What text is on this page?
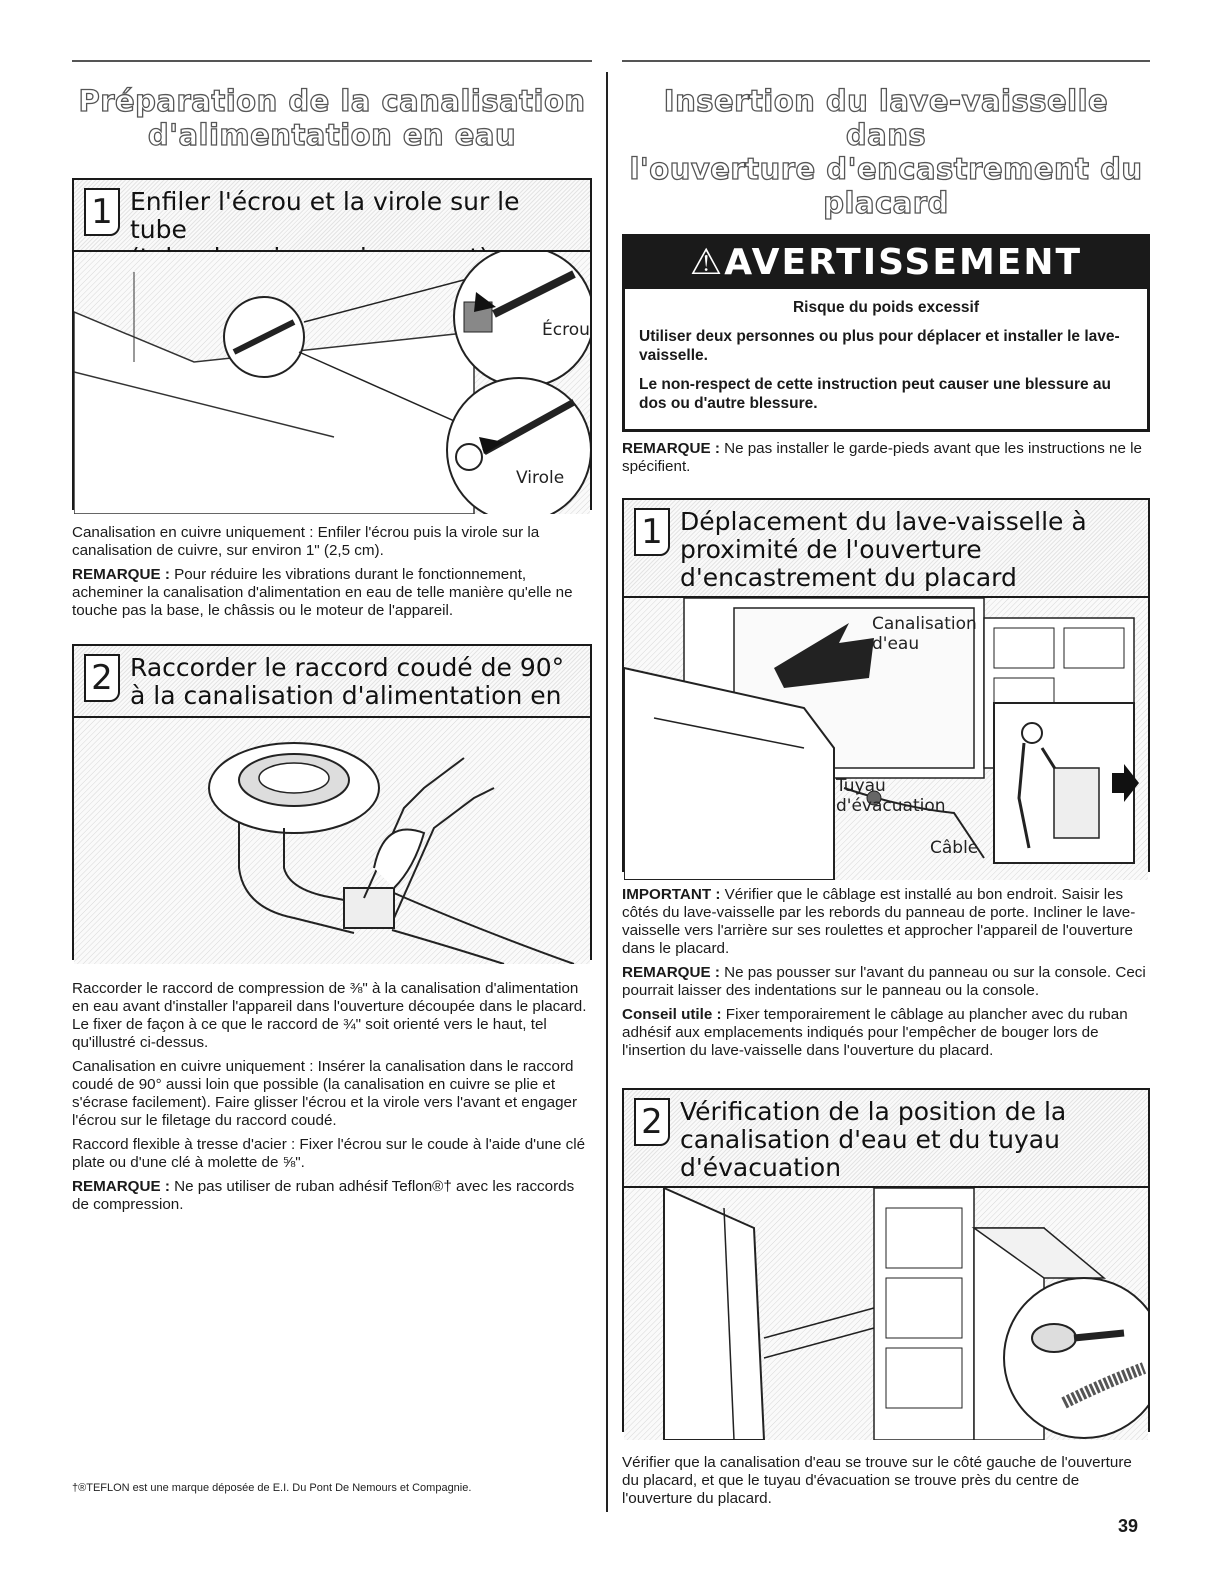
Préparation de la canalisation
d'alimentation en eau
1 Enfiler l'écrou et la virole sur le tube
Écrou
Virole

Canalisation en cuivre uniquement : Enfiler l'écrou puis la virole sur la canalisation de cuivre, sur environ 1" (2,5 cm).

REMARQUE : Pour réduire les vibrations durant le fonctionnement, acheminer la canalisation d'alimentation en eau de telle manière qu'elle ne touche pas la base, le châssis ou le moteur de l'appareil.

2 Raccorder le raccord coudé de 90°
à la canalisation d'alimentation en

Raccorder le raccord de compression de ⅜" à la canalisation d'alimentation en eau avant d'installer l'appareil dans l'ouverture découpée dans le placard. Le fixer de façon à ce que le raccord de ¾" soit orienté vers le haut, tel qu'illustré ci-dessus.

Canalisation en cuivre uniquement : Insérer la canalisation dans le raccord coudé de 90° aussi loin que possible (la canalisation en cuivre se plie et s'écrase facilement). Faire glisser l'écrou et la virole vers l'avant et engager l'écrou sur le filetage du raccord coudé.

Raccord flexible à tresse d'acier : Fixer l'écrou sur le coude à l'aide d'une clé plate ou d'une clé à molette de ⅝".

REMARQUE : Ne pas utiliser de ruban adhésif Teflon®† avec les raccords de compression.

†®TEFLON est une marque déposée de E.I. Du Pont De Nemours et Compagnie.
Insertion du lave-vaisselle dans
l'ouverture d'encastrement du placard
⚠AVERTISSEMENT

Risque du poids excessif

Utiliser deux personnes ou plus pour déplacer et installer le lave-vaisselle.

Le non-respect de cette instruction peut causer une blessure au dos ou d'autre blessure.

REMARQUE : Ne pas installer le garde-pieds avant que les instructions ne le spécifient.

1 Déplacement du lave-vaisselle à
proximité de l'ouverture
d'encastrement du placard
Canalisation
d'eau
Tuyau
d'évacuation
Câble

IMPORTANT : Vérifier que le câblage est installé au bon endroit. Saisir les côtés du lave-vaisselle par les rebords du panneau de porte. Incliner le lave-vaisselle vers l'arrière sur ses roulettes et approcher l'appareil de l'ouverture dans le placard.

REMARQUE : Ne pas pousser sur l'avant du panneau ou sur la console. Ceci pourrait laisser des indentations sur le panneau ou la console.

Conseil utile : Fixer temporairement le câblage au plancher avec du ruban adhésif aux emplacements indiqués pour l'empêcher de bouger lors de l'insertion du lave-vaisselle dans l'ouverture du placard.

2 Vérification de la position de la
canalisation d'eau et du tuyau
d'évacuation

Vérifier que la canalisation d'eau se trouve sur le côté gauche de l'ouverture du placard, et que le tuyau d'évacuation se trouve près du centre de l'ouverture du placard.

39
